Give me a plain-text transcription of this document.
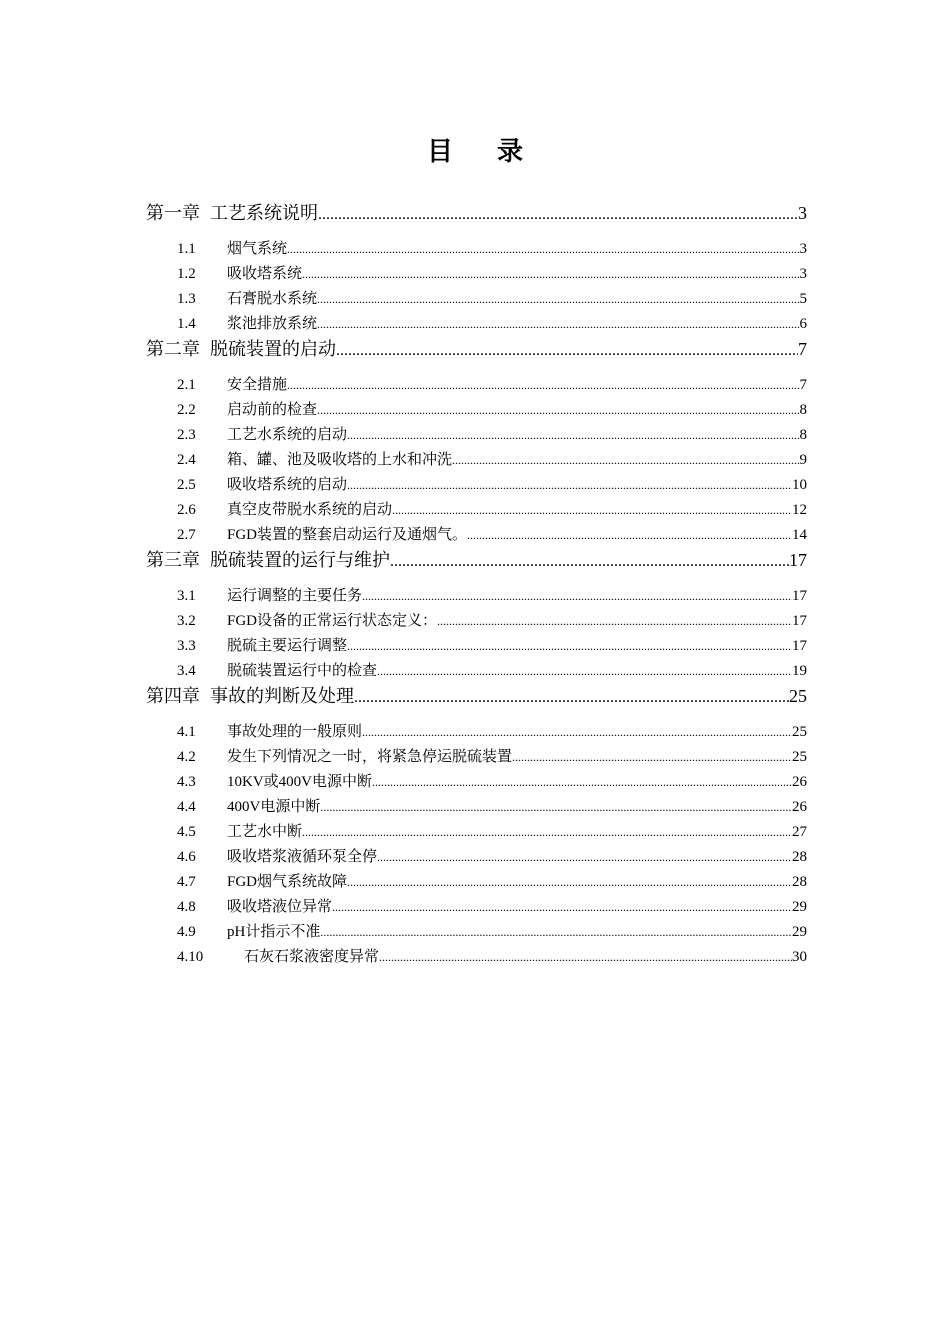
目录
第一章 工艺系统说明 .....	3
1.1	烟气系统 .....	3
1.2	吸收塔系统 .....	3
1.3	石膏脱水系统 .....	5
1.4	浆池排放系统 .....	6
第二章 脱硫装置的启动 .....	7
2.1	安全措施 .....	7
2.2	启动前的检查 .....	8
2.3	工艺水系统的启动 .....	8
2.4	箱、罐、池及吸收塔的上水和冲洗 .....	9
2.5	吸收塔系统的启动 .....	10
2.6	真空皮带脱水系统的启动 .....	12
2.7	FGD装置的整套启动运行及通烟气。 .....	14
第三章 脱硫装置的运行与维护 .....	17
3.1	运行调整的主要任务 .....	17
3.2	FGD设备的正常运行状态定义： .....	17
3.3	脱硫主要运行调整 .....	17
3.4	脱硫装置运行中的检查 .....	19
第四章 事故的判断及处理 .....	25
4.1	事故处理的一般原则 .....	25
4.2	发生下列情况之一时，将紧急停运脱硫装置 .....	25
4.3	10KV或400V电源中断 .....	26
4.4	400V电源中断 .....	26
4.5	工艺水中断 .....	27
4.6	吸收塔浆液循环泵全停 .....	28
4.7	FGD烟气系统故障 .....	28
4.8	吸收塔液位异常 .....	29
4.9	pH计指示不准 .....	29
4.10	石灰石浆液密度异常 .....	30
